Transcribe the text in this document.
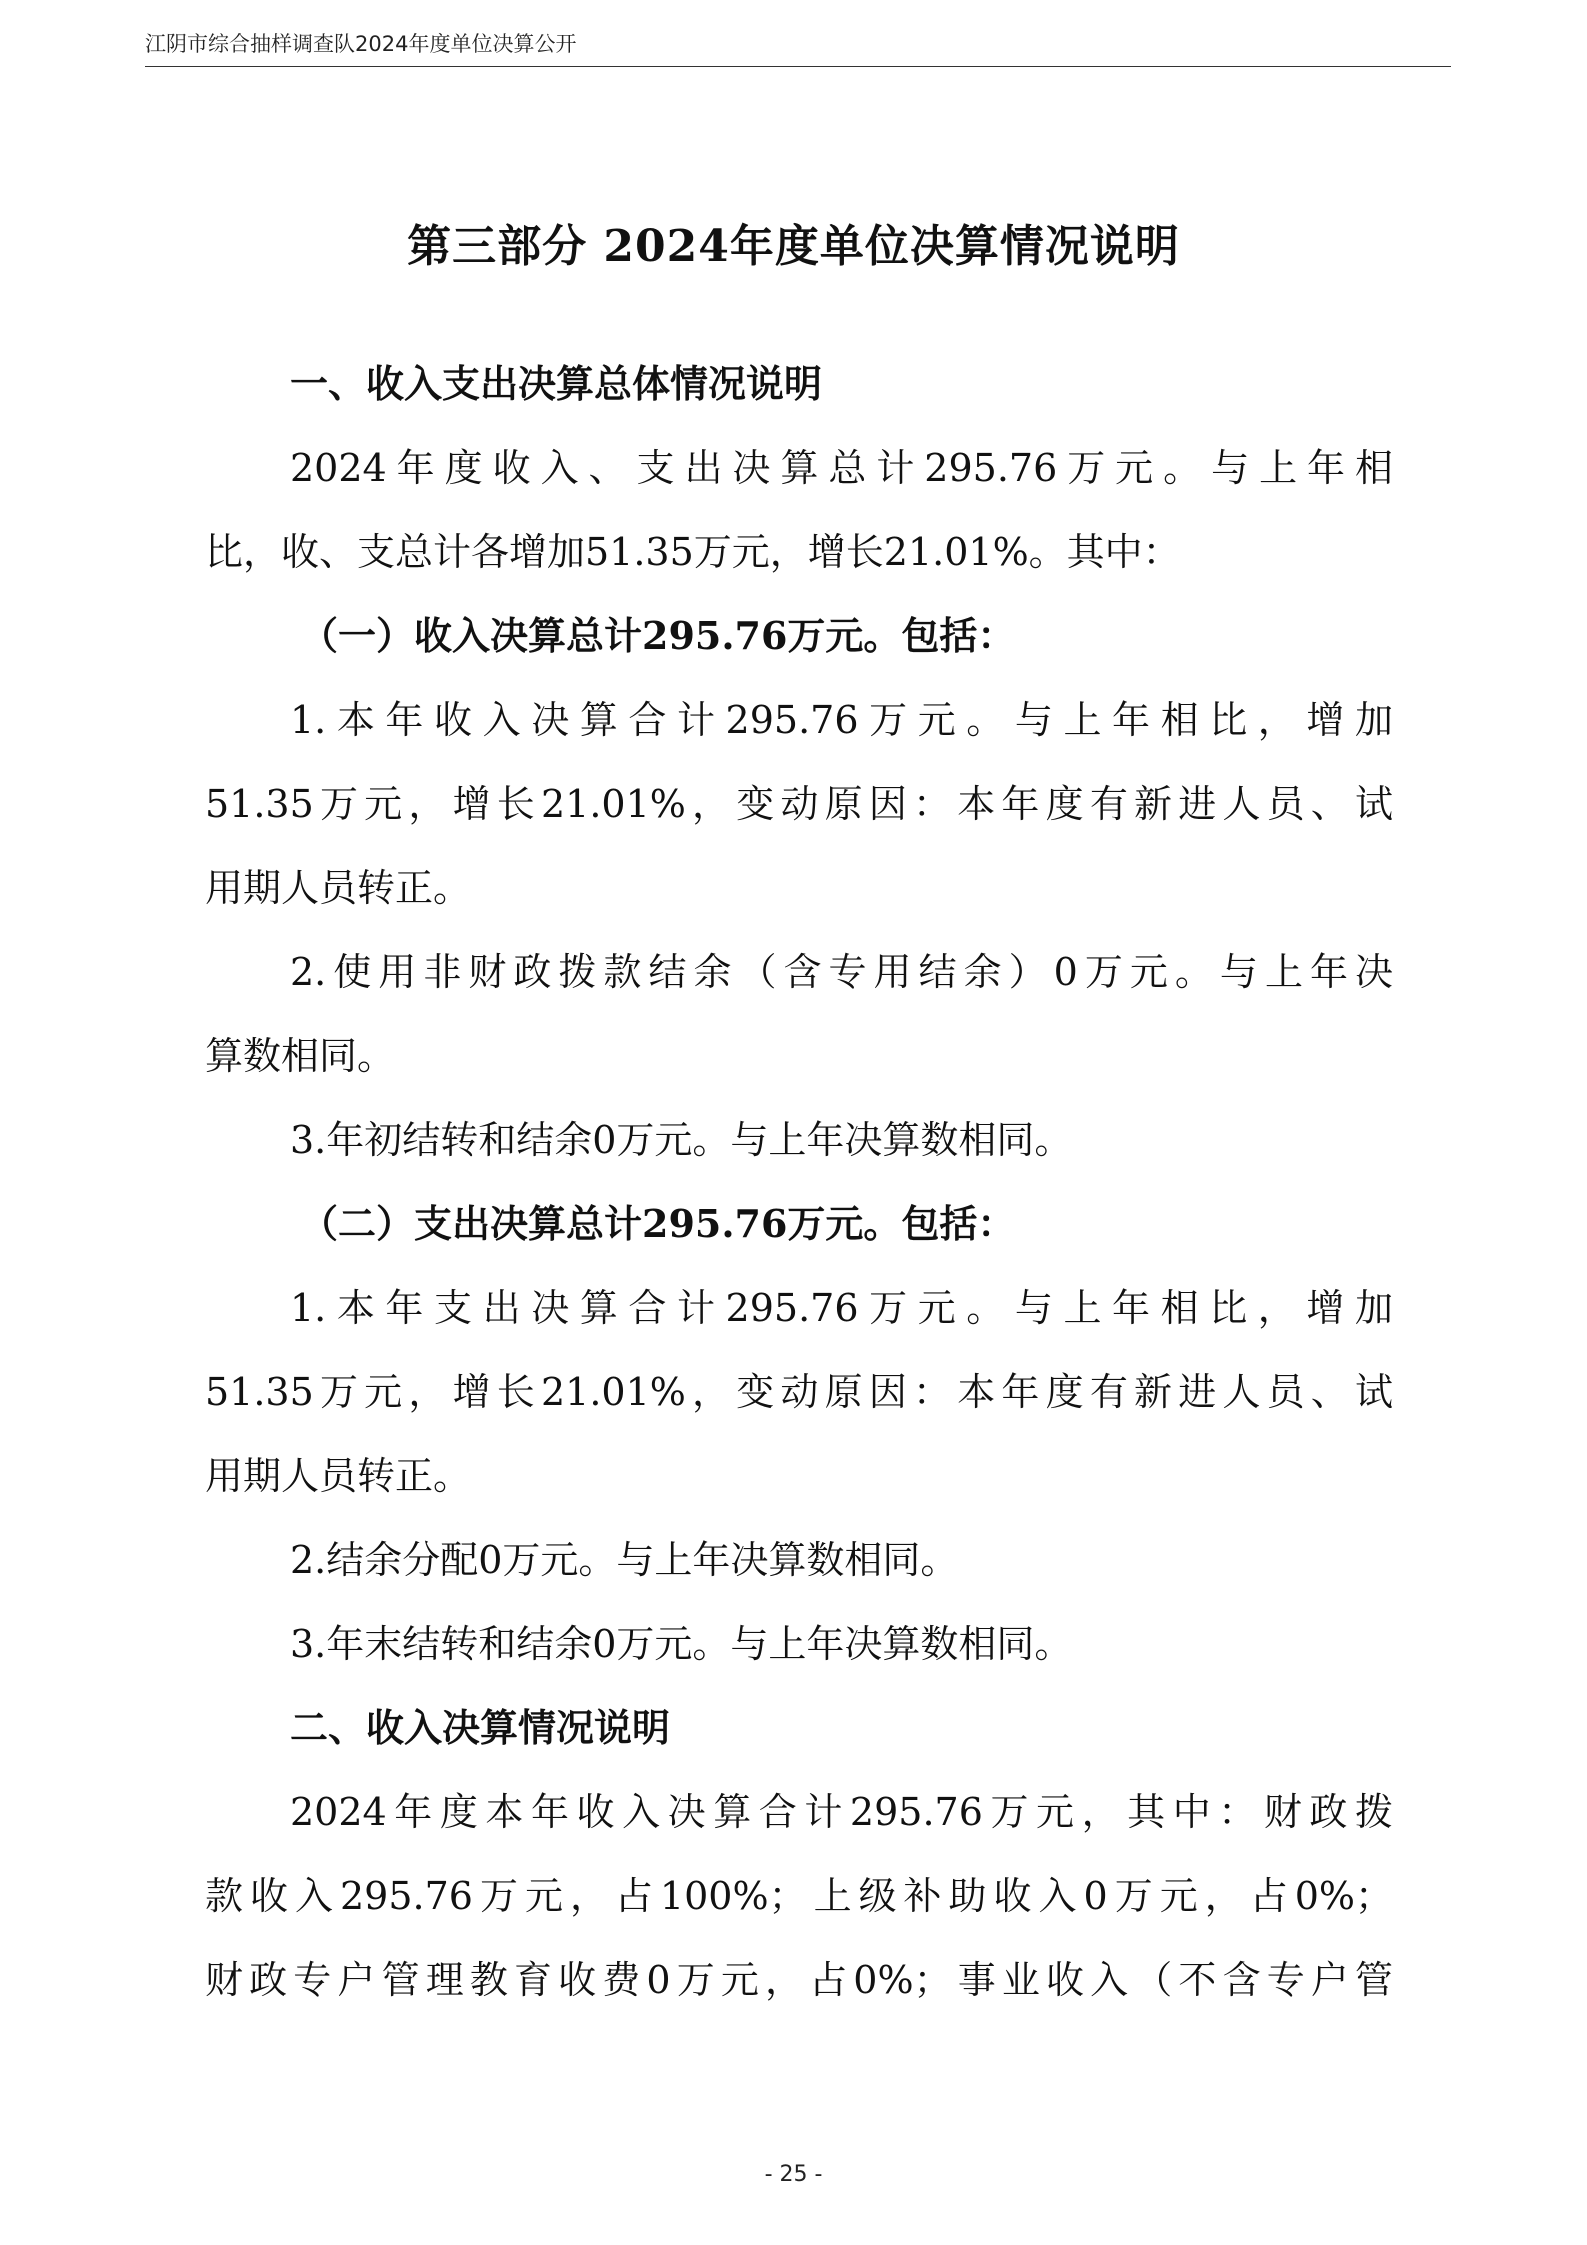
江阴市综合抽样调查队2024年度单位决算公开
第三部分 2024年度单位决算情况说明
一、收入支出决算总体情况说明
2024年度收入、支出决算总计295.76万元。与上年相
比，收、支总计各增加51.35万元，增长21.01%。其中：
（一）收入决算总计295.76万元。包括：
1.本年收入决算合计295.76万元。与上年相比，增加
51.35万元，增长21.01%，变动原因：本年度有新进人员、试
用期人员转正。
2.使用非财政拨款结余（含专用结余）0万元。与上年决
算数相同。
3.年初结转和结余0万元。与上年决算数相同。
（二）支出决算总计295.76万元。包括：
1.本年支出决算合计295.76万元。与上年相比，增加
51.35万元，增长21.01%，变动原因：本年度有新进人员、试
用期人员转正。
2.结余分配0万元。与上年决算数相同。
3.年末结转和结余0万元。与上年决算数相同。
二、收入决算情况说明
2024年度本年收入决算合计295.76万元，其中：财政拨
款收入295.76万元，占100%；上级补助收入0万元，占0%；
财政专户管理教育收费0万元，占0%；事业收入（不含专户管
- 25 -
